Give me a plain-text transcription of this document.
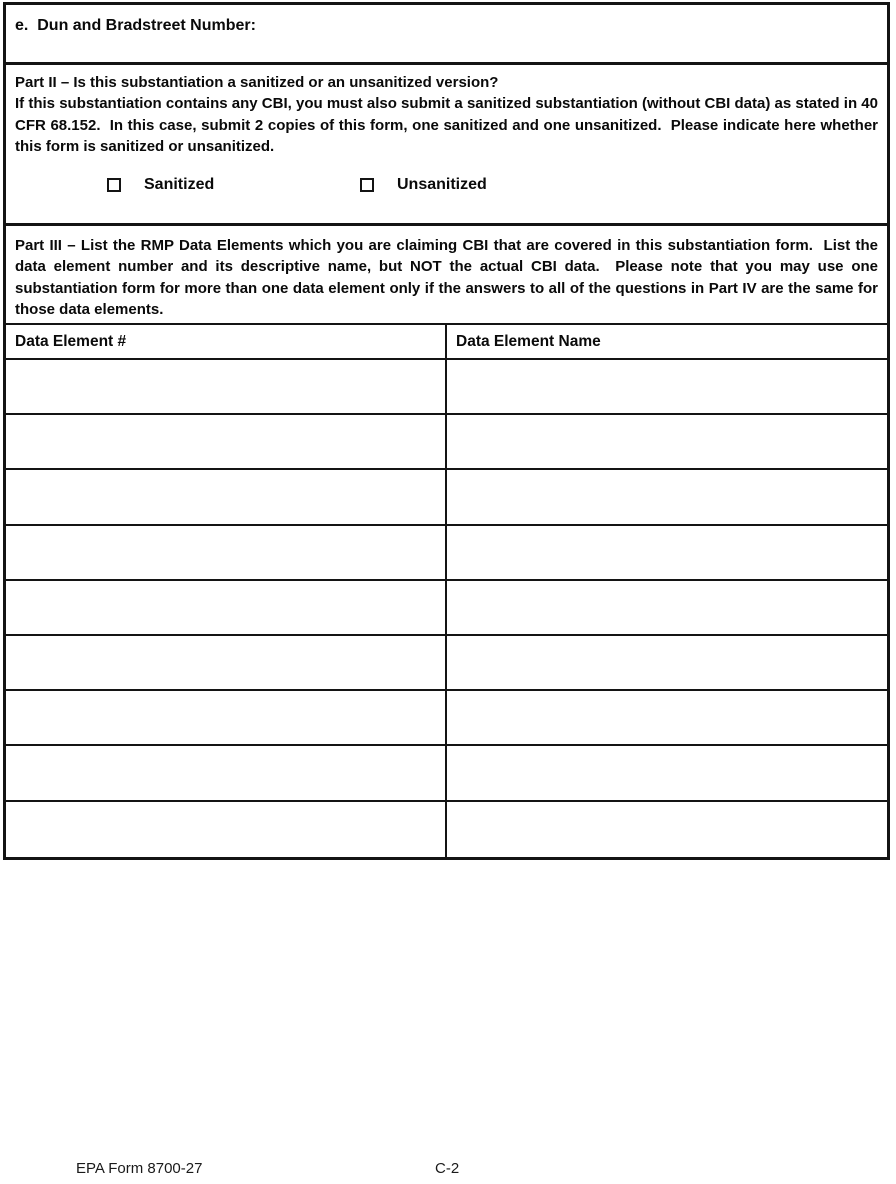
e.  Dun and Bradstreet Number:
Part II – Is this substantiation a sanitized or an unsanitized version?
If this substantiation contains any CBI, you must also submit a sanitized substantiation (without CBI data) as stated in 40 CFR 68.152.  In this case, submit 2 copies of this form, one sanitized and one unsanitized.  Please indicate here whether this form is sanitized or unsanitized.
Sanitized	Unsanitized
Part III – List the RMP Data Elements which you are claiming CBI that are covered in this substantiation form.  List the data element number and its descriptive name, but NOT the actual CBI data.  Please note that you may use one substantiation form for more than one data element only if the answers to all of the questions in Part IV are the same for those data elements.
Data Element #	Data Element Name
EPA Form 8700-27	C-2
